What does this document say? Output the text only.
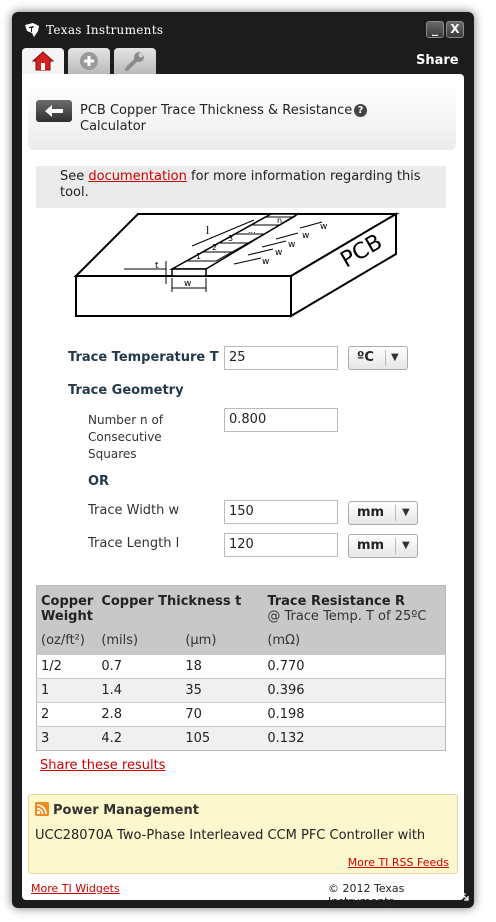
Texas Instruments	_	X
Share
PCB Copper Trace Thickness & Resistance Calculator
?
See documentation for more information regarding this tool.
1
2
3
...
n
w
w
w
w
w
l
t
w
PCB
Trace Temperature T 25	ºC ▼
Trace Geometry
Number n of Consecutive Squares
0.800
OR
Trace Width w	150	mm ▼
Trace Length l	120	mm ▼
Copper Weight	Copper Thickness t		Trace Resistance R
@ Trace Temp. T of 25ºC

(oz/ft²)	(mils)	(µm)	(mΩ)
1/2	0.7	18	0.770
1	1.4	35	0.396
2	2.8	70	0.198
3	4.2	105	0.132
Share these results
Power Management
UCC28070A Two-Phase Interleaved CCM PFC Controller with
More TI RSS Feeds
More TI Widgets	© 2012 Texas Instruments
